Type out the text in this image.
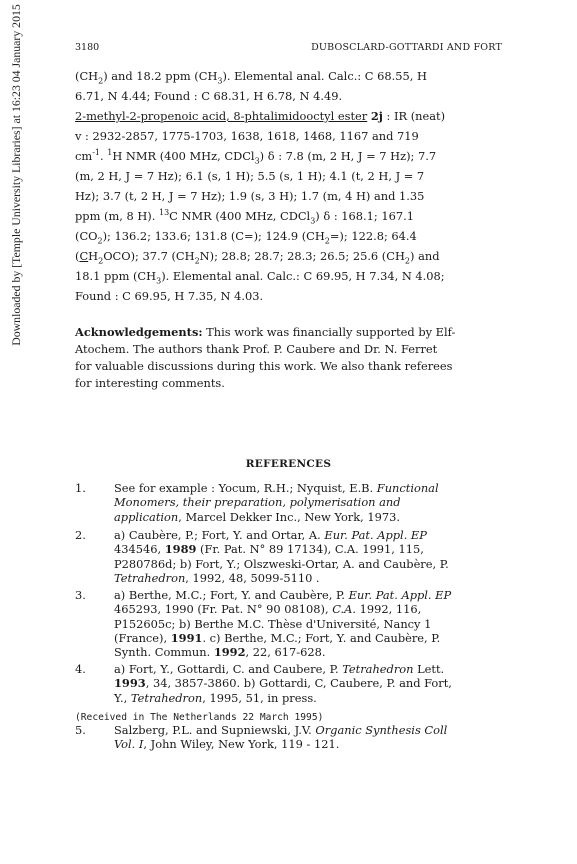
3180	DUBOSCLARD-GOTTARDI AND FORT
Downloaded by [Temple University Libraries] at 16:23 04 January 2015	$(CH_2)$ and 18.2 ppm $(CH_3)$. Elemental anal. Calc.: C 68.55, H
6.71, N 4.44; Found : C 68.31, H 6.78, N 4.49.
2-methyl-2-propenoic acid, 8-phtalimidooctyl ester 2j : IR (neat)
v : 2932-2857, 1775-1703, 1638, 1618, 1468, 1167 and 719
$cm^{-1}$. $^1$H NMR (400 MHz, CDCl$_3$) δ : 7.8 (m, 2 H, J = 7 Hz); 7.7
(m, 2 H, J = 7 Hz); 6.1 (s, 1 H); 5.5 (s, 1 H); 4.1 (t, 2 H, J = 7
Hz); 3.7 (t, 2 H, J = 7 Hz); 1.9 (s, 3 H); 1.7 (m, 4 H) and 1.35
ppm (m, 8 H). $^{13}$C NMR (400 MHz, CDCl$_3$) δ : 168.1; 167.1
$(CO_2)$; 136.2; 133.6; 131.8 (C=); 124.9 $(CH_2=)$; 122.8; 64.4
$(CH_2OCO)$; 37.7 $(CH_2N)$; 28.8; 28.7; 28.3; 26.5; 25.6 $(CH_2)$ and
18.1 ppm $(CH_3)$. Elemental anal. Calc.: C 69.95, H 7.34, N 4.08;
Found : C 69.95, H 7.35, N 4.03.
Acknowledgements: This work was financially supported by Elf-
Atochem. The authors thank Prof. P. Caubere and Dr. N. Ferret
for valuable discussions during this work. We also thank referees
for interesting comments.
REFERENCES
1. See for example : Yocum, R.H.; Nyquist, E.B. Functional
Monomers, their preparation, polymerisation and
application, Marcel Dekker Inc., New York, 1973.
2. a) Caubère, P.; Fort, Y. and Ortar, A. Eur. Pat. Appl. EP
434546, 1989 (Fr. Pat. N° 89 17134), C.A. 1991, 115,
P280786d; b) Fort, Y.; Olszweski-Ortar, A. and Caubère, P.
Tetrahedron, 1992, 48, 5099-5110 .
3. a) Berthe, M.C.; Fort, Y. and Caubère, P. Eur. Pat. Appl. EP
465293, 1990 (Fr. Pat. N° 90 08108), C.A. 1992, 116,
P152605c; b) Berthe M.C. Thèse d'Université, Nancy 1
(France), 1991. c) Berthe, M.C.; Fort, Y. and Caubère, P.
Synth. Commun. 1992, 22, 617-628.
4. a) Fort, Y., Gottardi, C. and Caubere, P. Tetrahedron Lett.
1993, 34, 3857-3860. b) Gottardi, C, Caubere, P. and Fort,
Y., Tetrahedron, 1995, 51, in press.
5. Salzberg, P.L. and Supniewski, J.V. Organic Synthesis Coll
Vol. I, John Wiley, New York, 119 - 121.
(Received in The Netherlands 22 March 1995)
